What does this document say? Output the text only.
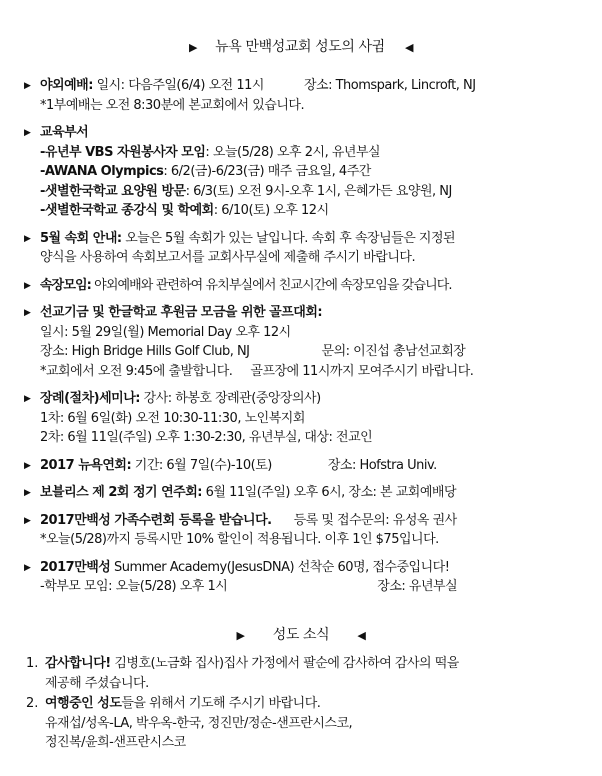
▶ 뉴욕 만백성교회 성도의 사귐 ◀
▶ 야외예배: 일시: 다음주일(6/4) 오전 11시	장소: Thomspark, Lincroft, NJ
*1부예배는 오전 8:30분에 본교회에서 있습니다.
▶ 교육부서
-유년부 VBS 자원봉사자 모임: 오늘(5/28) 오후 2시, 유년부실
-AWANA Olympics: 6/2(금)-6/23(금) 매주 금요일, 4주간
-샛별한국학교 요양원 방문: 6/3(토) 오전 9시-오후 1시, 은혜가든 요양원, NJ
-샛별한국학교 종강식 및 학예회: 6/10(토) 오후 12시
▶ 5월 속회 안내: 오늘은 5월 속회가 있는 날입니다. 속회 후 속장님들은 지정된
양식을 사용하여 속회보고서를 교회사무실에 제출해 주시기 바랍니다.
▶ 속장모임: 야외예배와 관련하여 유치부실에서 친교시간에 속장모임을 갖습니다.
▶ 선교기금 및 한글학교 후원금 모금을 위한 골프대회:
일시: 5월 29일(월) Memorial Day 오후 12시
장소: High Bridge Hills Golf Club, NJ	문의: 이진섭 총남선교회장
*교회에서 오전 9:45에 출발합니다. 골프장에 11시까지 모여주시기 바랍니다.
▶ 장례(절차)세미나: 강사: 하봉호 장례관(중앙장의사)
1차: 6월 6일(화) 오전 10:30-11:30, 노인복지회
2차: 6월 11일(주일) 오후 1:30-2:30, 유년부실, 대상: 전교인
▶ 2017 뉴욕연회: 기간: 6월 7일(수)-10(토)	장소: Hofstra Univ.
▶ 보블리스 제 2회 정기 연주회: 6월 11일(주일) 오후 6시, 장소: 본 교회예배당
▶ 2017만백성 가족수련회 등록을 받습니다. 등록 및 접수문의: 유성옥 권사
*오늘(5/28)까지 등록시만 10% 할인이 적용됩니다. 이후 1인 $75입니다.
▶ 2017만백성 Summer Academy(JesusDNA) 선착순 60명, 접수중입니다!
-학부모 모임: 오늘(5/28) 오후 1시	장소: 유년부실
▶ 성도 소식	◀
1. 감사합니다! 김병호(노금화 집사)집사 가정에서 팔순에 감사하여 감사의 떡을
제공해 주셨습니다.
2. 여행중인 성도들을 위해서 기도해 주시기 바랍니다.
유재섭/성옥-LA, 박우옥-한국, 정진만/정순-샌프란시스코,
정진복/윤희-샌프란시스코
